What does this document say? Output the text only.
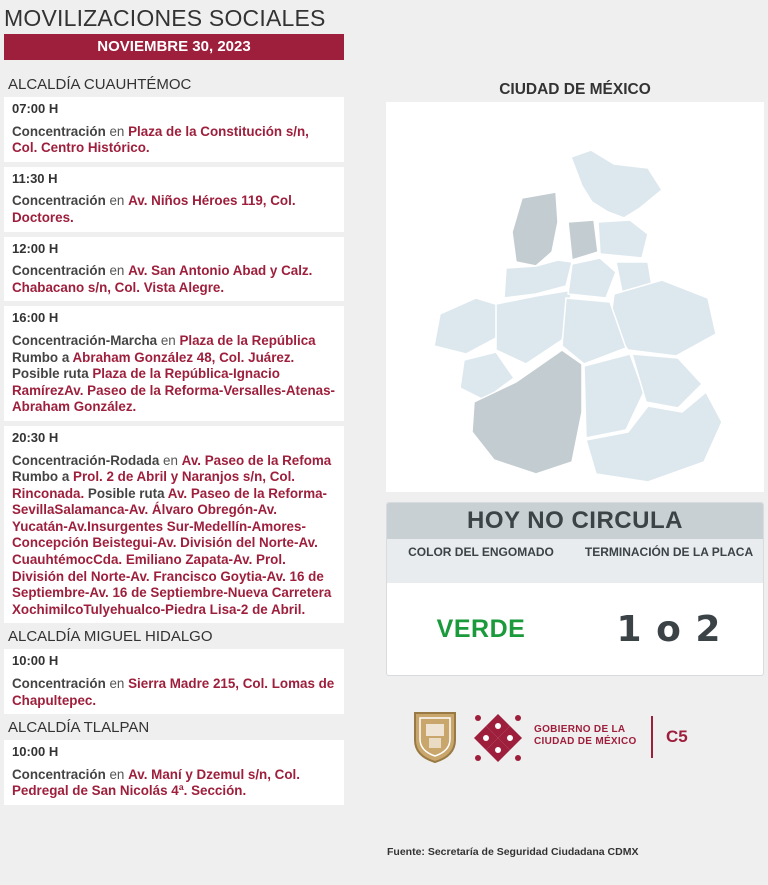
MOVILIZACIONES SOCIALES
NOVIEMBRE 30, 2023
ALCALDÍA CUAUHTÉMOC
07:00 H
Concentración en Plaza de la Constitución s/n, Col. Centro Histórico.
11:30 H
Concentración en Av. Niños Héroes 119, Col. Doctores.
12:00 H
Concentración en Av. San Antonio Abad y Calz. Chabacano s/n, Col. Vista Alegre.
16:00 H
Concentración-Marcha en Plaza de la República Rumbo a Abraham González 48, Col. Juárez. Posible ruta Plaza de la República-Ignacio RamírezAv. Paseo de la Reforma-Versalles-Atenas-Abraham González.
20:30 H
Concentración-Rodada en Av. Paseo de la Refoma Rumbo a Prol. 2 de Abril y Naranjos s/n, Col. Rinconada. Posible ruta Av. Paseo de la Reforma-SevillaSalamanca-Av. Álvaro Obregón-Av. Yucatán-Av.Insurgentes Sur-Medellín-Amores-Concepción Beistegui-Av. División del Norte-Av. CuauhtémocCda. Emiliano Zapata-Av. Prol. División del Norte-Av. Francisco Goytia-Av. 16 de Septiembre-Av. 16 de Septiembre-Nueva Carretera XochimilcoTulyehualco-Piedra Lisa-2 de Abril.
ALCALDÍA MIGUEL HIDALGO
10:00 H
Concentración en Sierra Madre 215, Col. Lomas de Chapultepec.
ALCALDÍA TLALPAN
10:00 H
Concentración en Av. Maní y Dzemul s/n, Col. Pedregal de San Nicolás 4ª. Sección.
CIUDAD DE MÉXICO
HOY NO CIRCULA
COLOR DEL ENGOMADO	TERMINACIÓN DE LA PLACA
VERDE	1 o 2
GOBIERNO DE LA
CIUDAD DE MÉXICO C5
Fuente: Secretaría de Seguridad Ciudadana CDMX
